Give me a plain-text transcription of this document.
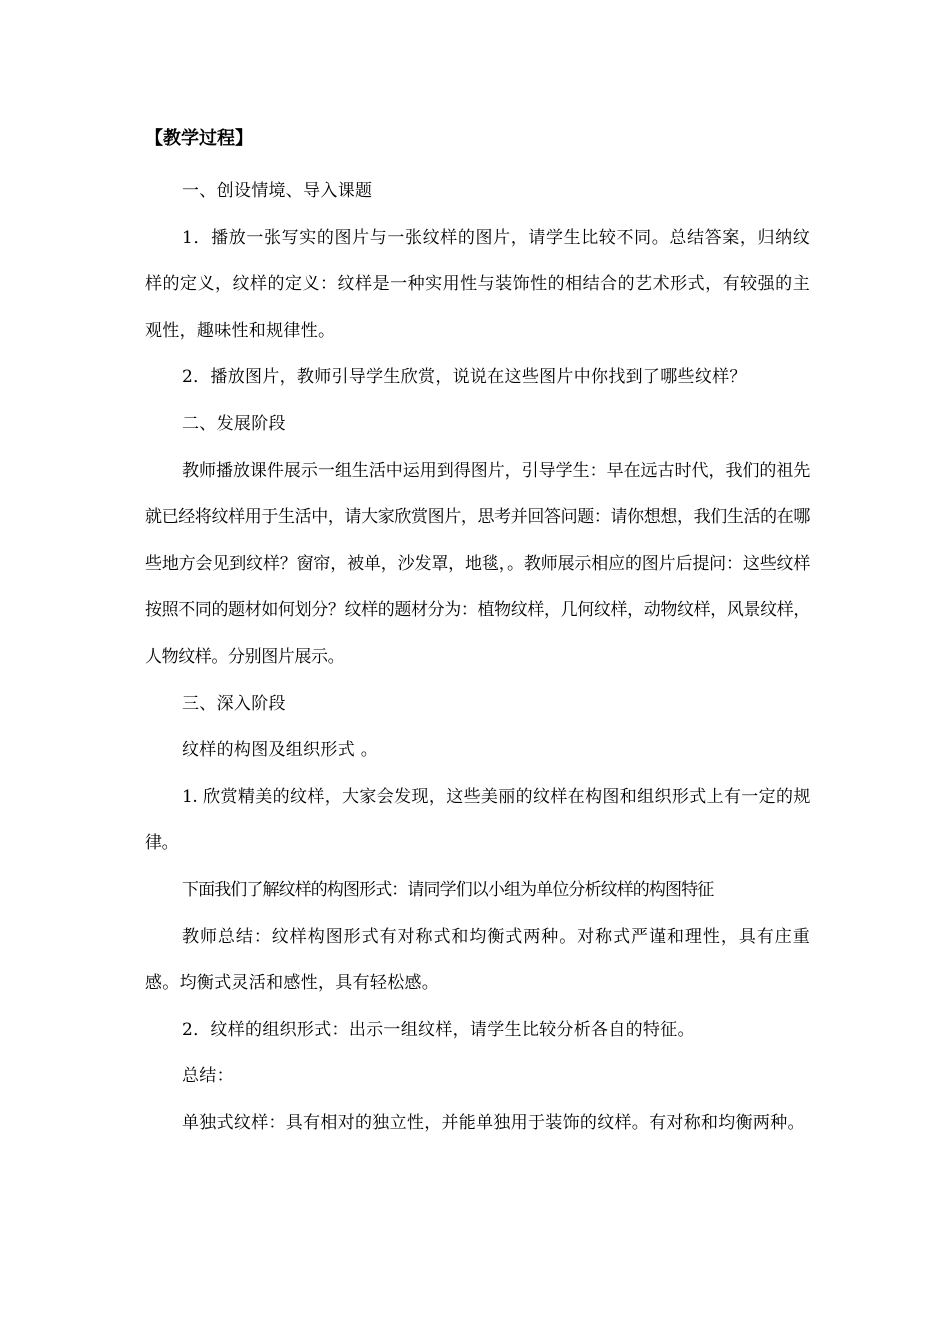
【教学过程】

一、创设情境、导入课题

1．播放一张写实的图片与一张纹样的图片，请学生比较不同。总结答案，归纳纹样的定义，纹样的定义：纹样是一种实用性与装饰性的相结合的艺术形式，有较强的主观性，趣味性和规律性。

2．播放图片，教师引导学生欣赏，说说在这些图片中你找到了哪些纹样？

二、发展阶段

教师播放课件展示一组生活中运用到得图片，引导学生：早在远古时代，我们的祖先就已经将纹样用于生活中，请大家欣赏图片，思考并回答问题：请你想想，我们生活的在哪些地方会见到纹样？窗帘，被单，沙发罩，地毯，。教师展示相应的图片后提问：这些纹样按照不同的题材如何划分？纹样的题材分为：植物纹样，几何纹样，动物纹样，风景纹样，人物纹样。分别图片展示。

三、深入阶段

纹样的构图及组织形式 。

1. 欣赏精美的纹样，大家会发现，这些美丽的纹样在构图和组织形式上有一定的规律。

下面我们了解纹样的构图形式：请同学们以小组为单位分析纹样的构图特征

教师总结：纹样构图形式有对称式和均衡式两种。对称式严谨和理性，具有庄重感。均衡式灵活和感性，具有轻松感。

2．纹样的组织形式：出示一组纹样，请学生比较分析各自的特征。

总结：

单独式纹样：具有相对的独立性，并能单独用于装饰的纹样。有对称和均衡两种。
